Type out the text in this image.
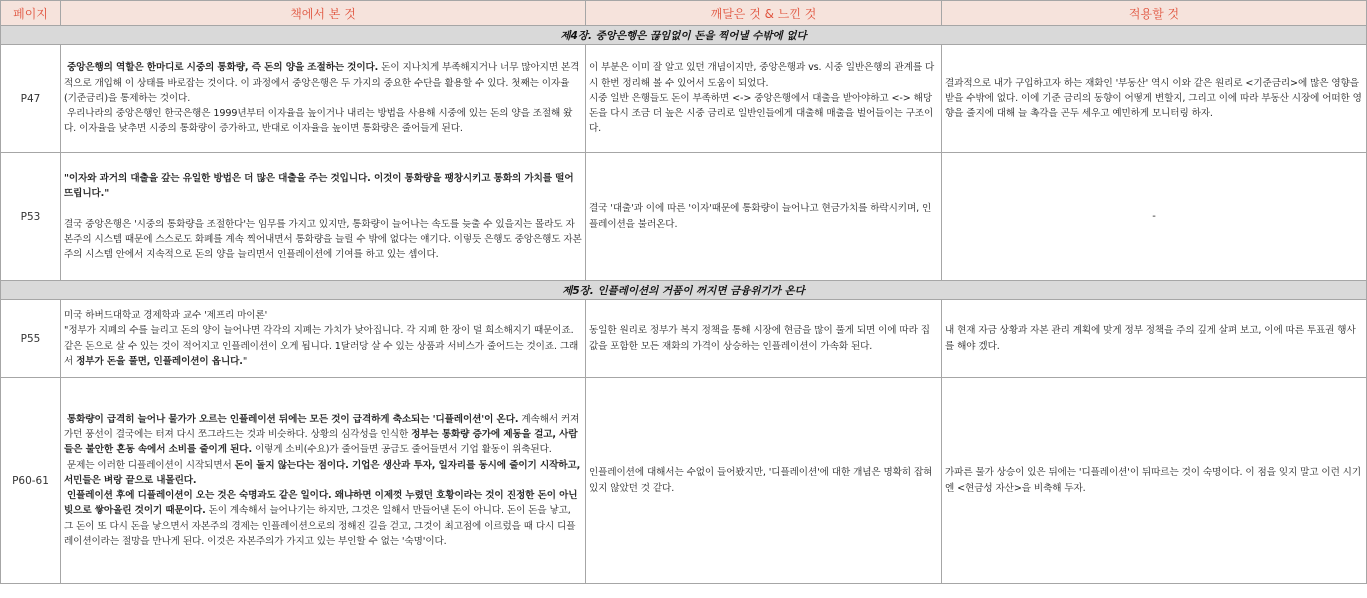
페이지	책에서 본 것	깨달은 것 & 느낀 것	적용할 것
제4장. 중앙은행은 끊임없이 돈을 찍어낼 수밖에 없다			
P47	중앙은행의 역할은 한마디로 시중의 통화량, 즉 돈의 양을 조절하는 것이다. 돈이 지나치게 부족해지거나 너무 많아지면 본격적으로 개입해 이 상태를 바로잡는 것이다. 이 과정에서 중앙은행은 두 가지의 중요한 수단을 활용할 수 있다. 첫째는 이자율(기준금리)을 통제하는 것이다.
우리나라의 중앙은행인 한국은행은 1999년부터 이자율을 높이거나 내리는 방법을 사용해 시중에 있는 돈의 양을 조절해 왔다. 이자율을 낮추면 시중의 통화량이 증가하고, 반대로 이자율을 높이면 통화량은 줄어들게 된다.	이 부분은 이미 잘 알고 있던 개념이지만, 중앙은행과 vs. 시중 일반은행의 관계를 다시 한번 정리해 볼 수 있어서 도움이 되었다.
시중 일반 은행들도 돈이 부족하면 <-> 중앙은행에서 대출을 받아야하고 <-> 해당 돈을 다시 조금 더 높은 시중 금리로 일반인들에게 대출해 매출을 벌어들이는 구조이다.	결과적으로 내가 구입하고자 하는 재화인 '부동산' 역시 이와 같은 원리로 <기준금리>에 많은 영향을 받을 수밖에 없다. 이에 기준 금리의 동향이 어떻게 변할지, 그리고 이에 따라 부동산 시장에 어떠한 영향을 줄지에 대해 늘 촉각을 곤두 세우고 예민하게 모니터링 하자.
P53	"이자와 과거의 대출을 갚는 유일한 방법은 더 많은 대출을 주는 것입니다. 이것이 통화량을 팽창시키고 통화의 가치를 떨어뜨립니다."

결국 중앙은행은 '시중의 통화량을 조절한다'는 임무를 가지고 있지만, 통화량이 늘어나는 속도를 늦출 수 있을지는 몰라도 자본주의 시스템 때문에 스스로도 화폐를 계속 찍어내면서 통화량을 늘릴 수 밖에 없다는 얘기다. 이렇듯 은행도 중앙은행도 자본주의 시스템 안에서 지속적으로 돈의 양을 늘리면서 인플레이션에 기여를 하고 있는 셈이다.	결국 '대출'과 이에 따른 '이자'때문에 통화량이 늘어나고 현금가치를 하락시키며, 인플레이션을 불러온다.	-
제5장. 인플레이션의 거품이 꺼지면 금융위기가 온다			
P55	미국 하버드대학교 경제학과 교수 '제프리 마이론'
"정부가 지폐의 수를 늘리고 돈의 양이 늘어나면 각각의 지폐는 가치가 낮아집니다. 각 지폐 한 장이 덜 희소해지기 때문이죠. 같은 돈으로 살 수 있는 것이 적어지고 인플레이션이 오게 됩니다. 1달러당 살 수 있는 상품과 서비스가 줄어드는 것이죠. 그래서 정부가 돈을 풀면, 인플레이션이 옵니다."	동일한 원리로 정부가 복지 정책을 통해 시장에 현금을 많이 풀게 되면 이에 따라 집값을 포함한 모든 재화의 가격이 상승하는 인플레이션이 가속화 된다.	내 현재 자금 상황과 자본 관리 계획에 맞게 정부 정책을 주의 깊게 살펴 보고, 이에 따른 투표권 행사를 해야 겠다.
P60-61	통화량이 급격히 늘어나 물가가 오르는 인플레이션 뒤에는 모든 것이 급격하게 축소되는 '디플레이션'이 온다. 계속해서 커져가던 풍선이 결국에는 터져 다시 쪼그라드는 것과 비슷하다. 상황의 심각성을 인식한 정부는 통화량 증가에 제동을 걸고, 사람들은 불안한 혼동 속에서 소비를 줄이게 된다. 이렇게 소비(수요)가 줄어들면 공급도 줄어들면서 기업 활동이 위축된다.
문제는 이러한 디플레이션이 시작되면서 돈이 돌지 않는다는 점이다. 기업은 생산과 투자, 일자리를 동시에 줄이기 시작하고, 서민들은 벼랑 끝으로 내몰린다.
인플레이션 후에 디플레이션이 오는 것은 숙명과도 같은 일이다. 왜냐하면 이제껏 누렸던 호황이라는 것이 진정한 돈이 아닌 빚으로 쌓아올린 것이기 때문이다. 돈이 계속해서 늘어나기는 하지만, 그것은 일해서 만들어낸 돈이 아니다. 돈이 돈을 낳고, 그 돈이 또 다시 돈을 낳으면서 자본주의 경제는 인플레이션으로의 정해진 길을 걷고, 그것이 최고점에 이르렀을 때 다시 디플레이션이라는 절망을 만나게 된다. 이것은 자본주의가 가지고 있는 부인할 수 없는 '숙명'이다.	인플레이션에 대해서는 수없이 들어봤지만, '디플레이션'에 대한 개념은 명확히 잡혀 있지 않았던 것 같다.	가파른 물가 상승이 있은 뒤에는 '디플레이션'이 뒤따르는 것이 숙명이다. 이 점을 잊지 말고 이런 시기엔 <현금성 자산>을 비축해 두자.
